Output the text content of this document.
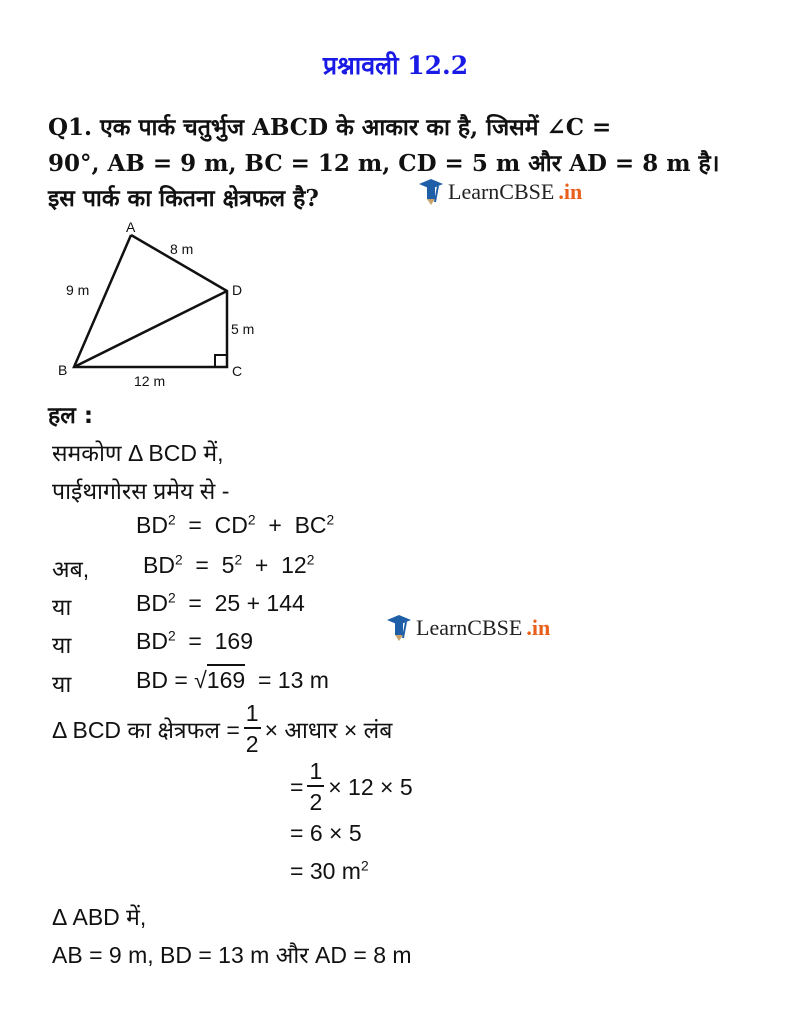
प्रश्नावली 12.2
Q1. एक पार्क चतुर्भुज ABCD के आकार का है, जिसमें ∠C =
90°, AB = 9 m, BC = 12 m, CD = 5 m और AD = 8 m है।
इस पार्क का कितना क्षेत्रफल है?	LearnCBSE .in
A
B	C
D
8 m
9 m
5 m
12 m
हल :
समकोण Δ BCD में,
पाईथागोरस प्रमेय से -
$BD^2 = CD^2 + BC^2$
अब, $BD^2 = 5^2 + 12^2$
या	$BD^2 = 25 + 144$
या	$BD^2 = 169$
LearnCBSE .in
या	BD = √169 = 13 m
Δ BCD का क्षेत्रफल = $\frac{1}{2}$ × आधार × लंब
= $\frac{1}{2} \times 12 \times 5$
= 6 × 5
= 30 $m^2$
Δ ABD में,
AB = 9 m, BD = 13 m और AD = 8 m
